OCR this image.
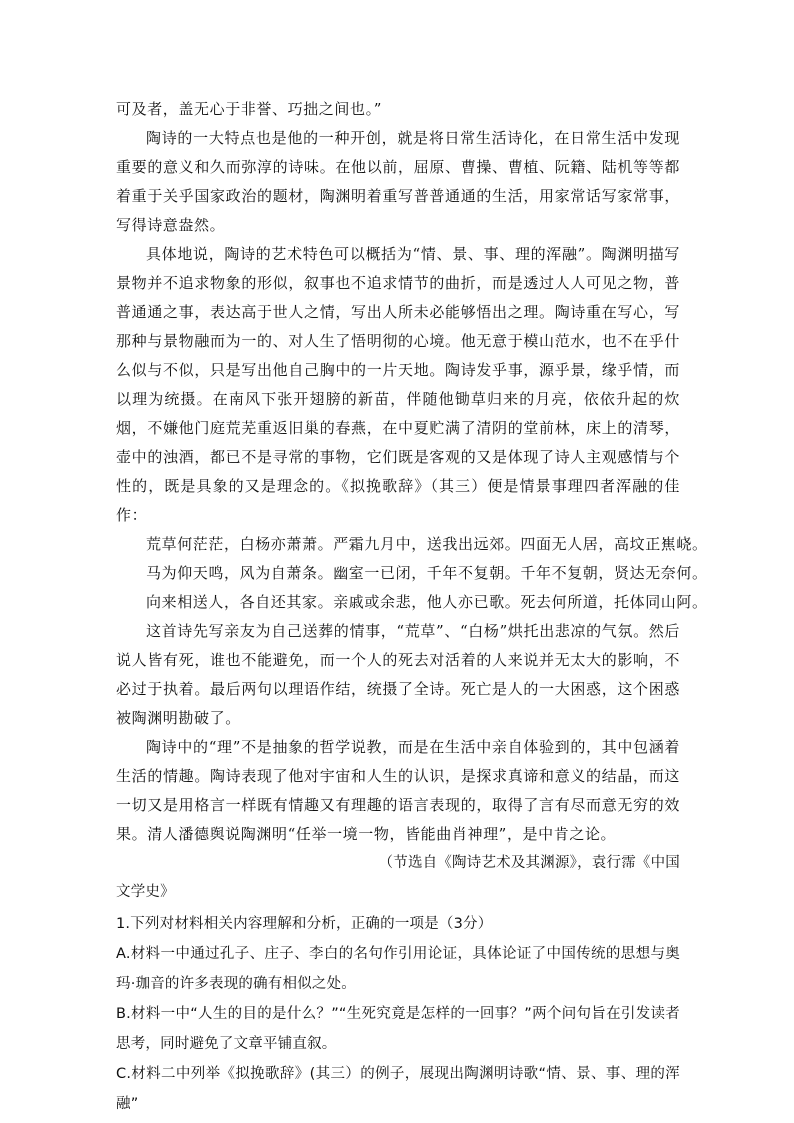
可及者，盖无心于非誉、巧拙之间也。”

陶诗的一大特点也是他的一种开创，就是将日常生活诗化，在日常生活中发现重要的意义和久而弥淳的诗味。在他以前，屈原、曹操、曹植、阮籍、陆机等等都着重于关乎国家政治的题材，陶渊明着重写普普通通的生活，用家常话写家常事，写得诗意盎然。

具体地说，陶诗的艺术特色可以概括为“情、景、事、理的浑融”。陶渊明描写景物并不追求物象的形似，叙事也不追求情节的曲折，而是透过人人可见之物，普普通通之事，表达高于世人之情，写出人所未必能够悟出之理。陶诗重在写心，写那种与景物融而为一的、对人生了悟明彻的心境。他无意于模山范水，也不在乎什么似与不似，只是写出他自己胸中的一片天地。陶诗发乎事，源乎景，缘乎情，而以理为统摄。在南风下张开翅膀的新苗，伴随他锄草归来的月亮，依依升起的炊烟，不嫌他门庭荒芜重返旧巢的春燕，在中夏贮满了清阴的堂前林，床上的清琴，壶中的浊酒，都已不是寻常的事物，它们既是客观的又是体现了诗人主观感情与个性的，既是具象的又是理念的。《拟挽歌辞》（其三）便是情景事理四者浑融的佳作：

荒草何茫茫，白杨亦萧萧。严霜九月中，送我出远郊。四面无人居，高坟正嶣峣。

马为仰天鸣，风为自萧条。幽室一已闭，千年不复朝。千年不复朝，贤达无奈何。

向来相送人，各自还其家。亲戚或余悲，他人亦已歌。死去何所道，托体同山阿。

这首诗先写亲友为自己送葬的情事，“荒草”、“白杨”烘托出悲凉的气氛。然后说人皆有死，谁也不能避免，而一个人的死去对活着的人来说并无太大的影响，不必过于执着。最后两句以理语作结，统摄了全诗。死亡是人的一大困惑，这个困惑被陶渊明勘破了。

陶诗中的“理”不是抽象的哲学说教，而是在生活中亲自体验到的，其中包涵着生活的情趣。陶诗表现了他对宇宙和人生的认识，是探求真谛和意义的结晶，而这一切又是用格言一样既有情趣又有理趣的语言表现的，取得了言有尽而意无穷的效果。清人潘德舆说陶渊明“任举一境一物，皆能曲肖神理”，是中肯之论。

（节选自《陶诗艺术及其渊源》，袁行霈《中国

文学史》

1.下列对材料相关内容理解和分析，正确的一项是（3分）

A.材料一中通过孔子、庄子、李白的名句作引用论证，具体论证了中国传统的思想与奥玛·珈音的许多表现的确有相似之处。

B.材料一中“人生的目的是什么？”“生死究竟是怎样的一回事？”两个问句旨在引发读者思考，同时避免了文章平铺直叙。

C.材料二中列举《拟挽歌辞》(其三）的例子，展现出陶渊明诗歌“情、景、事、理的浑融”
